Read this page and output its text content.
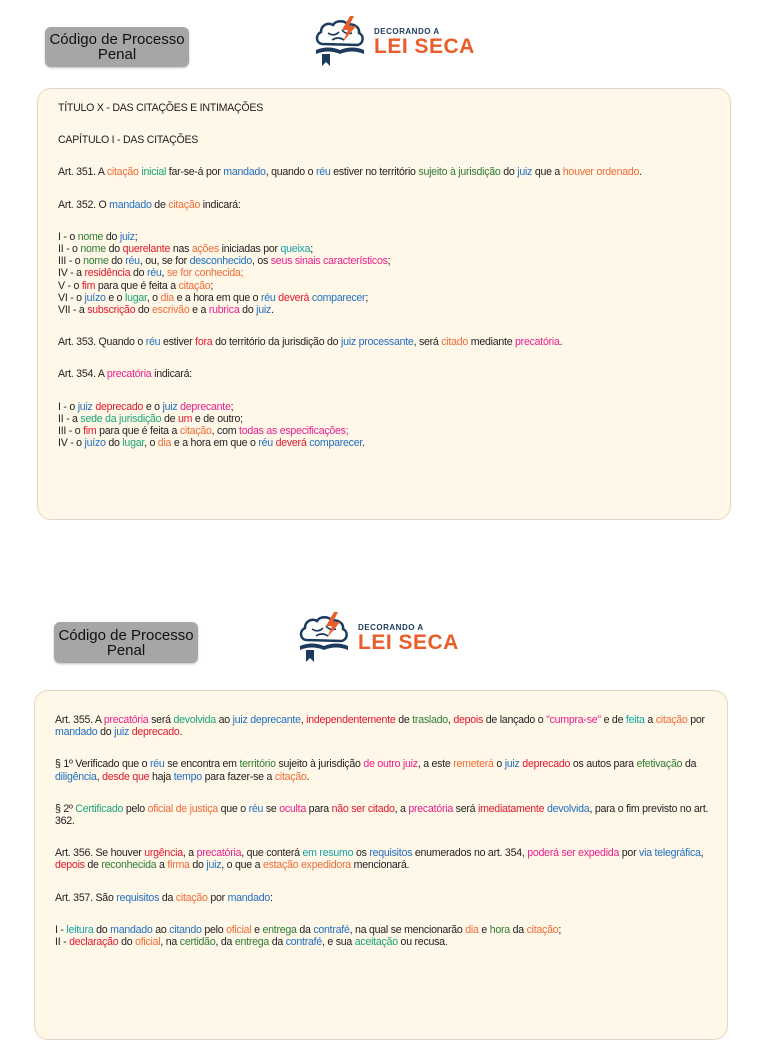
Código de Processo
Penal
DECORANDO A
LEI SECA

TÍTULO X - DAS CITAÇÕES E INTIMAÇÕES

CAPÍTULO I - DAS CITAÇÕES

Art. 351. A citação inicial far-se-á por mandado, quando o réu estiver no território sujeito à jurisdição do juiz que a houver ordenado.

Art. 352. O mandado de citação indicará:

I - o nome do juiz;

II - o nome do querelante nas ações iniciadas por queixa;

III - o nome do réu, ou, se for desconhecido, os seus sinais característicos;

IV - a residência do réu, se for conhecida;

V - o fim para que é feita a citação;

VI - o juízo e o lugar, o dia e a hora em que o réu deverá comparecer;

VII - a subscrição do escrivão e a rubrica do juiz.

Art. 353. Quando o réu estiver fora do território da jurisdição do juiz processante, será citado mediante precatória.

Art. 354. A precatória indicará:

I - o juiz deprecado e o juiz deprecante;

II - a sede da jurisdição de um e de outro;

III - o fim para que é feita a citação, com todas as especificações;

IV - o juízo do lugar, o dia e a hora em que o réu deverá comparecer.

Código de Processo
Penal
DECORANDO A
LEI SECA

Art. 355. A precatória será devolvida ao juiz deprecante, independentemente de traslado, depois de lançado o "cumpra-se" e de feita a citação por mandado do juiz deprecado.

§ 1º Verificado que o réu se encontra em território sujeito à jurisdição de outro juiz, a este remeterá o juiz deprecado os autos para efetivação da diligência, desde que haja tempo para fazer-se a citação.

§ 2º Certificado pelo oficial de justiça que o réu se oculta para não ser citado, a precatória será imediatamente devolvida, para o fim previsto no art. 362.

Art. 356. Se houver urgência, a precatória, que conterá em resumo os requisitos enumerados no art. 354, poderá ser expedida por via telegráfica, depois de reconhecida a firma do juiz, o que a estação expedidora mencionará.

Art. 357. São requisitos da citação por mandado:

I - leitura do mandado ao citando pelo oficial e entrega da contrafé, na qual se mencionarão dia e hora da citação;

II - declaração do oficial, na certidão, da entrega da contrafé, e sua aceitação ou recusa.
